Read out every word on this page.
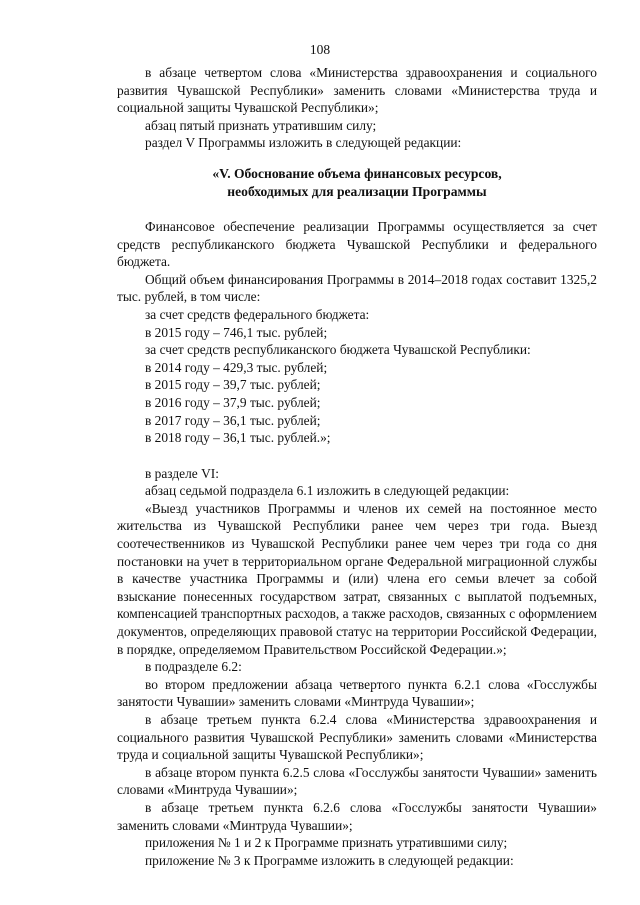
108

в абзаце четвертом слова «Министерства здравоохранения и социального развития Чувашской Республики» заменить словами «Министерства труда и социальной защиты Чувашской Республики»;

абзац пятый признать утратившим силу;

раздел V Программы изложить в следующей редакции:

«V. Обоснование объема финансовых ресурсов,
необходимых для реализации Программы

Финансовое обеспечение реализации Программы осуществляется за счет средств республиканского бюджета Чувашской Республики и федерального бюджета.

Общий объем финансирования Программы в 2014–2018 годах составит 1325,2 тыс. рублей, в том числе:

за счет средств федерального бюджета:

в 2015 году – 746,1 тыс. рублей;

за счет средств республиканского бюджета Чувашской Республики:

в 2014 году – 429,3 тыс. рублей;

в 2015 году – 39,7 тыс. рублей;

в 2016 году – 37,9 тыс. рублей;

в 2017 году – 36,1 тыс. рублей;

в 2018 году – 36,1 тыс. рублей.»;

в разделе VI:

абзац седьмой подраздела 6.1 изложить в следующей редакции:

«Выезд участников Программы и членов их семей на постоянное место жительства из Чувашской Республики ранее чем через три года. Выезд соотечественников из Чувашской Республики ранее чем через три года со дня постановки на учет в территориальном органе Федеральной миграционной службы в качестве участника Программы и (или) члена его семьи влечет за собой взыскание понесенных государством затрат, связанных с выплатой подъемных, компенсацией транспортных расходов, а также расходов, связанных с оформлением документов, определяющих правовой статус на территории Российской Федерации, в порядке, определяемом Правительством Российской Федерации.»;

в подразделе 6.2:

во втором предложении абзаца четвертого пункта 6.2.1 слова «Госслужбы занятости Чувашии» заменить словами «Минтруда Чувашии»;

в абзаце третьем пункта 6.2.4 слова «Министерства здравоохранения и социального развития Чувашской Республики» заменить словами «Министерства труда и социальной защиты Чувашской Республики»;

в абзаце втором пункта 6.2.5 слова «Госслужбы занятости Чувашии» заменить словами «Минтруда Чувашии»;

в абзаце третьем пункта 6.2.6 слова «Госслужбы занятости Чувашии» заменить словами «Минтруда Чувашии»;

приложения № 1 и 2 к Программе признать утратившими силу;

приложение № 3 к Программе изложить в следующей редакции:
